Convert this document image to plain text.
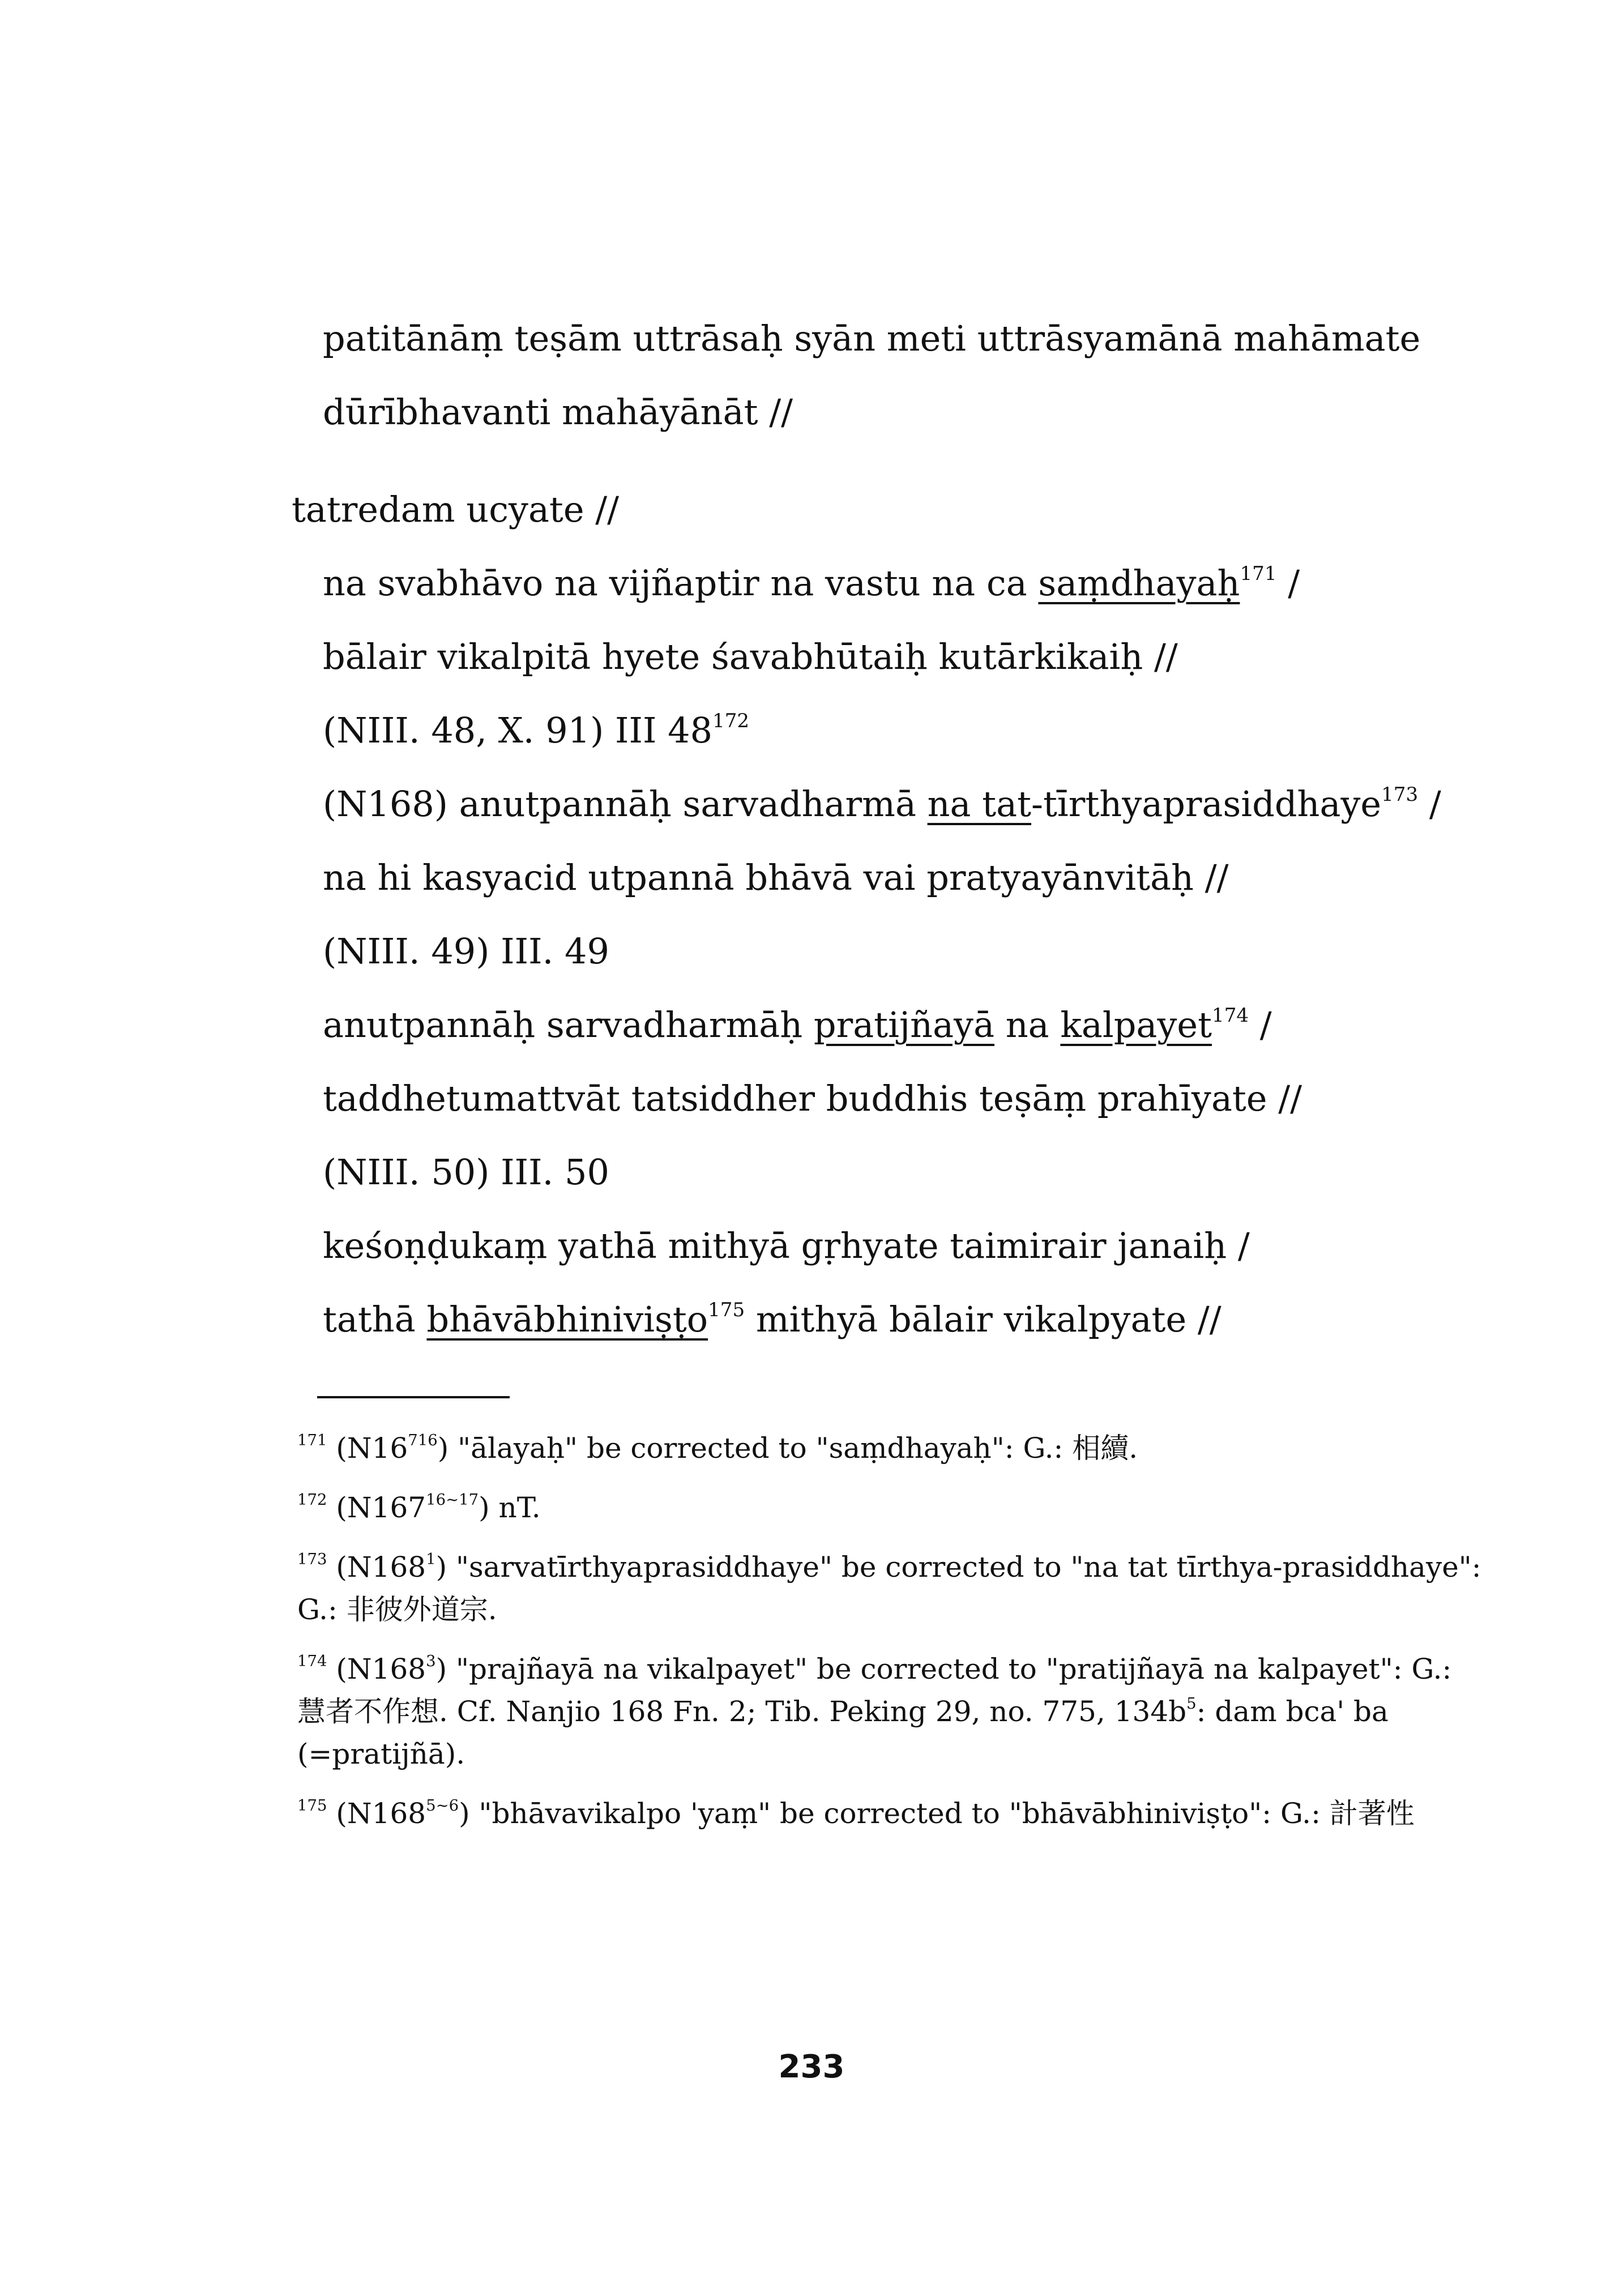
patitānāṃ teṣām uttrāsaḥ syān meti uttrāsyamānā mahāmate
dūrībhavanti mahāyānāt //
tatredam ucyate //
na svabhāvo na vijñaptir na vastu na ca saṃdhayaḥ$^{171}$ /
bālair vikalpitā hyete śavabhūtaiḥ kutārkikaiḥ //
(NIII. 48, X. 91) III $48^{172}$
(N168) anutpannāḥ sarvadharmā na tat-tīrthyaprasiddhaye$^{173}$ /
na hi kasyacid utpannā bhāvā vai pratyayānvitāḥ //
(NIII. 49) III. 49
anutpannāḥ sarvadharmāḥ pratijñayā na kalpayet$^{174}$ /
taddhetumattvāt tatsiddher buddhis teṣāṃ prahīyate //
(NIII. 50) III. 50
keśoṇḍukaṃ yathā mithyā gṛhyate taimirair janaiḥ /
tathā bhāvābhiniviṣṭo$^{175}$ mithyā bālair vikalpyate //
$^{171}$ $(N16^{716})$ "ālayaḥ" be corrected to "saṃdhayaḥ": G.: 相續.
$^{172}$ $(N167^{16\sim 17})$ nT.
$^{173}$ $(N168^1)$ "sarvatīrthyaprasiddhaye" be corrected to "na tat tīrthya-prasiddhaye":
G.: 非彼外道宗.
$^{174}$ $(N168^3)$ "prajñayā na vikalpayet" be corrected to "pratijñayā na kalpayet": G.:
慧者不作想. Cf. Nanjio 168 Fn. 2; Tib. Peking 29, no. 775, $134b^5$: dam bca' ba
(=pratijñā).
$^{175}$ $(N168^{5\sim 6})$ "bhāvavikalpo 'yaṃ" be corrected to "bhāvābhiniviṣṭo": G.: 計著性
233
